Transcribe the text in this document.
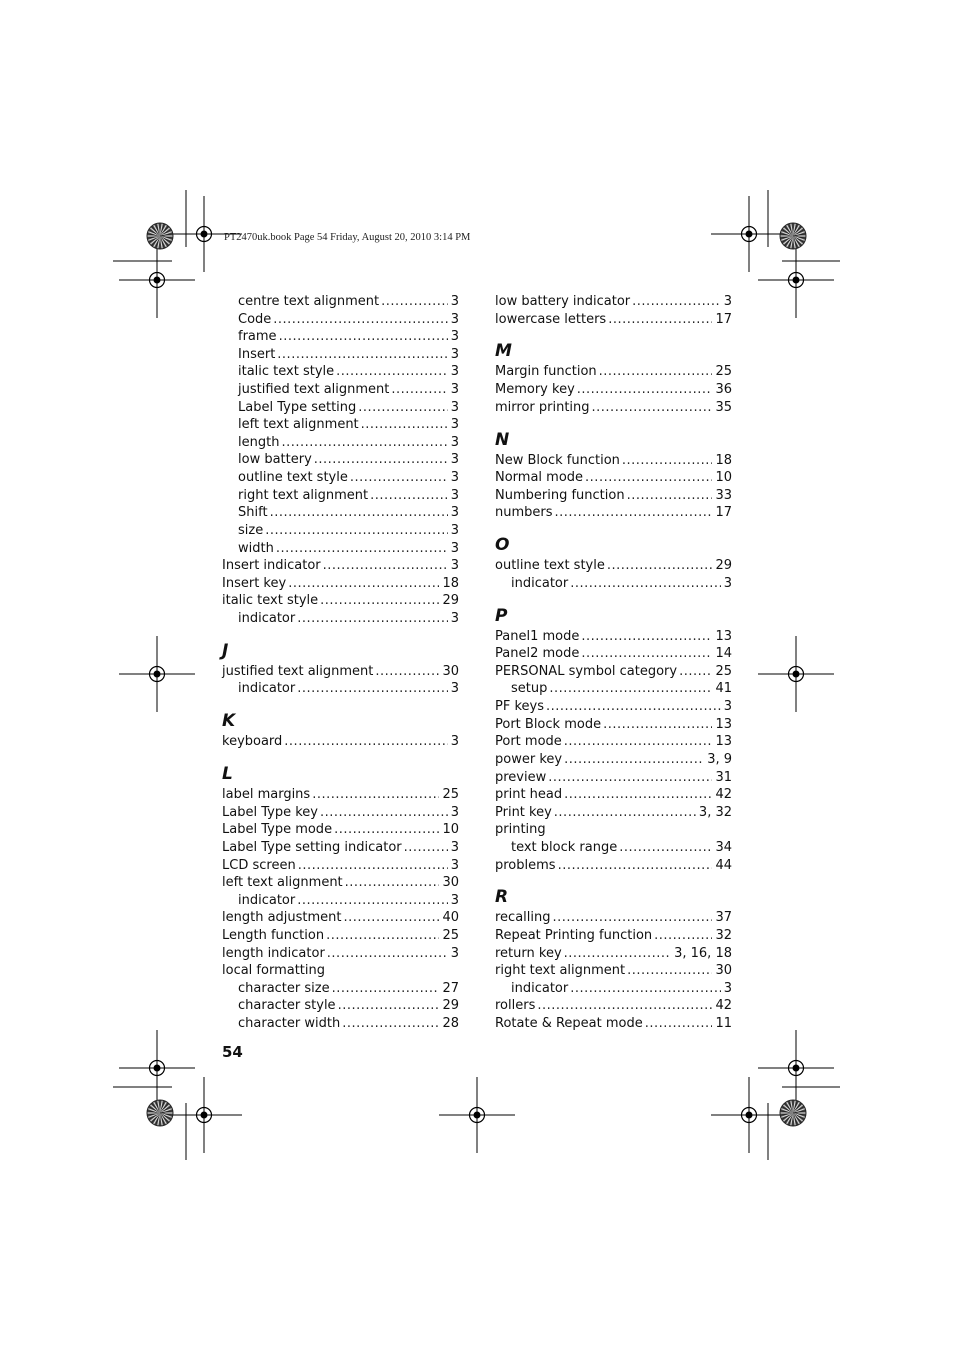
PT2470uk.book Page 54 Friday, August 20, 2010 3:14 PM
centre text alignment .....	3
Code .....	3
frame .....	3
Insert .....	3
italic text style .....	3
justified text alignment .....	3
Label Type setting .....	3
left text alignment .....	3
length .....	3
low battery .....	3
outline text style .....	3
right text alignment .....	3
Shift .....	3
size .....	3
width .....	3
Insert indicator .....	3
Insert key .....	18
italic text style .....	29
indicator .....	3
J
justified text alignment .....	30
indicator .....	3
K
keyboard .....	3
L
label margins .....	25
Label Type key .....	3
Label Type mode .....	10
Label Type setting indicator .....	3
LCD screen .....	3
left text alignment .....	30
indicator .....	3
length adjustment .....	40
Length function .....	25
length indicator .....	3
local formatting
character size .....	27
character style .....	29
character width .....	28
low battery indicator .....	3
lowercase letters .....	17
M
Margin function .....	25
Memory key .....	36
mirror printing .....	35
N
New Block function .....	18
Normal mode .....	10
Numbering function .....	33
numbers .....	17
O
outline text style .....	29
indicator .....	3
P
Panel1 mode .....	13
Panel2 mode .....	14
PERSONAL symbol category .....	25
setup .....	41
PF keys .....	3
Port Block mode .....	13
Port mode .....	13
power key .....	3, 9
preview .....	31
print head .....	42
Print key .....	3, 32
printing
text block range .....	34
problems .....	44
R
recalling .....	37
Repeat Printing function .....	32
return key .....	3, 16, 18
right text alignment .....	30
indicator .....	3
rollers .....	42
Rotate & Repeat mode .....	11
54
